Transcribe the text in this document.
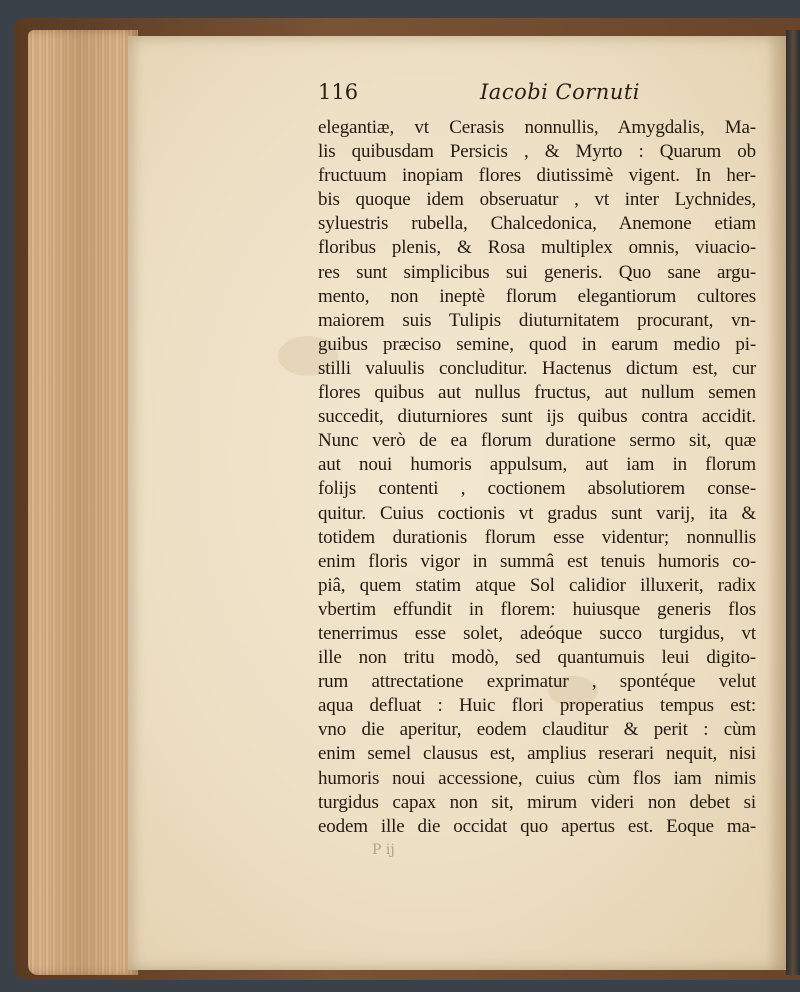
116	Iacobi Cornuti
elegantiæ, vt Cerasis nonnullis, Amygdalis, Ma-
lis quibusdam Persicis , & Myrto : Quarum ob
fructuum inopiam flores diutissimè vigent. In her-
bis quoque idem obseruatur , vt inter Lychnides,
syluestris rubella, Chalcedonica, Anemone etiam
floribus plenis, & Rosa multiplex omnis, viuacio-
res sunt simplicibus sui generis. Quo sane argu-
mento, non ineptè florum elegantiorum cultores
maiorem suis Tulipis diuturnitatem procurant, vn-
guibus præciso semine, quod in earum medio pi-
stilli valuulis concluditur. Hactenus dictum est, cur
flores quibus aut nullus fructus, aut nullum semen
succedit, diuturniores sunt ijs quibus contra accidit.
Nunc verò de ea florum duratione sermo sit, quæ
aut noui humoris appulsum, aut iam in florum
folijs contenti , coctionem absolutiorem conse-
quitur. Cuius coctionis vt gradus sunt varij, ita &
totidem durationis florum esse videntur; nonnullis
enim floris vigor in summâ est tenuis humoris co-
piâ, quem statim atque Sol calidior illuxerit, radix
vbertim effundit in florem: huiusque generis flos
tenerrimus esse solet, adeóque succo turgidus, vt
ille non tritu modò, sed quantumuis leui digito-
rum attrectatione exprimatur , spontéque velut
aqua defluat : Huic flori properatius tempus est:
vno die aperitur, eodem clauditur & perit : cùm
enim semel clausus est, amplius reserari nequit, nisi
humoris noui accessione, cuius cùm flos iam nimis
turgidus capax non sit, mirum videri non debet si
eodem ille die occidat quo apertus est. Eoque ma-
P ij
